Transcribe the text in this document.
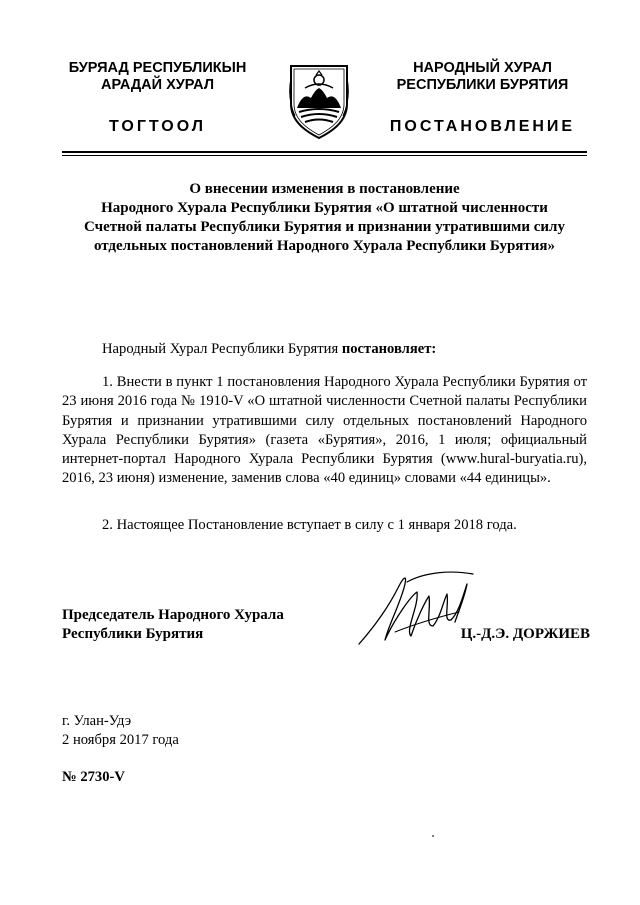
БУРЯАД РЕСПУБЛИКЫН
АРАДАЙ ХУРАЛ
ТОГТООЛ
НАРОДНЫЙ ХУРАЛ
РЕСПУБЛИКИ БУРЯТИЯ
ПОСТАНОВЛЕНИЕ
О внесении изменения в постановление
Народного Хурала Республики Бурятия «О штатной численности
Счетной палаты Республики Бурятия и признании утратившими силу
отдельных постановлений Народного Хурала Республики Бурятия»
Народный Хурал Республики Бурятия постановляет:
1. Внести в пункт 1 постановления Народного Хурала Республики Бурятия от 23 июня 2016 года № 1910-V «О штатной численности Счетной палаты Республики Бурятия и признании утратившими силу отдельных постановлений Народного Хурала Республики Бурятия» (газета «Бурятия», 2016, 1 июля; официальный интернет-портал Народного Хурала Республики Бурятия (www.hural-buryatia.ru), 2016, 23 июня) изменение, заменив слова «40 единиц» словами «44 единицы».
2. Настоящее Постановление вступает в силу с 1 января 2018 года.
Председатель Народного Хурала
Республики Бурятия	Ц.-Д.Э. ДОРЖИЕВ
г. Улан-Удэ
2 ноября 2017 года
№ 2730-V
